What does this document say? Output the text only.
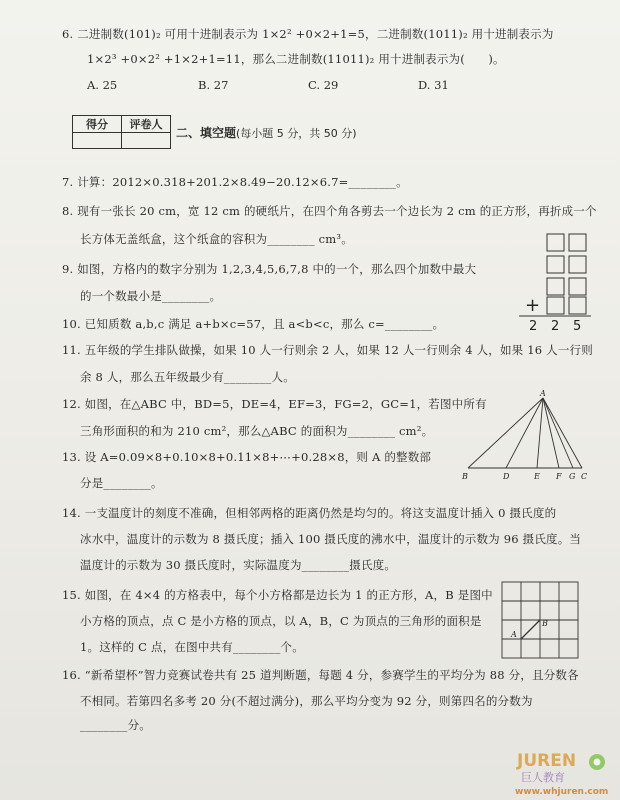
6. 二进制数(101)₂ 可用十进制表示为 1×2² +0×2+1=5，二进制数(1011)₂ 用十进制表示为
1×2³ +0×2² +1×2+1=11，那么二进制数(11011)₂ 用十进制表示为(　　)。
A. 25	B. 27	C. 29	D. 31
得分	评卷人

二、填空题(每小题 5 分，共 50 分)
7. 计算：2012×0.318+201.2×8.49−20.12×6.7=________。
8. 现有一张长 20 cm，宽 12 cm 的硬纸片，在四个角各剪去一个边长为 2 cm 的正方形，再折成一个
长方体无盖纸盒，这个纸盒的容积为________ cm³。
9. 如图，方格内的数字分别为 1,2,3,4,5,6,7,8 中的一个，那么四个加数中最大
的一个数最小是________。
10. 已知质数 a,b,c 满足 a+b×c=57，且 a<b<c，那么 c=________。
11. 五年级的学生排队做操，如果 10 人一行则余 2 人，如果 12 人一行则余 4 人，如果 16 人一行则
余 8 人，那么五年级最少有________人。
12. 如图，在△ABC 中，BD=5，DE=4，EF=3，FG=2，GC=1，若图中所有
三角形面积的和为 210 cm²，那么△ABC 的面积为________ cm²。
13. 设 A=0.09×8+0.10×8+0.11×8+⋯+0.28×8，则 A 的整数部
分是________。
14. 一支温度计的刻度不准确，但相邻两格的距离仍然是均匀的。将这支温度计插入 0 摄氏度的
冰水中，温度计的示数为 8 摄氏度；插入 100 摄氏度的沸水中，温度计的示数为 96 摄氏度。当
温度计的示数为 30 摄氏度时，实际温度为________摄氏度。
15. 如图，在 4×4 的方格表中，每个小方格都是边长为 1 的正方形，A，B 是图中
小方格的顶点，点 C 是小方格的顶点，以 A，B，C 为顶点的三角形的面积是
1。这样的 C 点，在图中共有________个。
16. “新希望杯”智力竞赛试卷共有 25 道判断题，每题 4 分，参赛学生的平均分为 88 分，且分数各
不相同。若第四名多考 20 分(不超过满分)，那么平均分变为 92 分，则第四名的分数为
________分。
+
2 2 5
A
B	D	E F G C
A
B
JUREN
巨人教育
www.whjuren.com
